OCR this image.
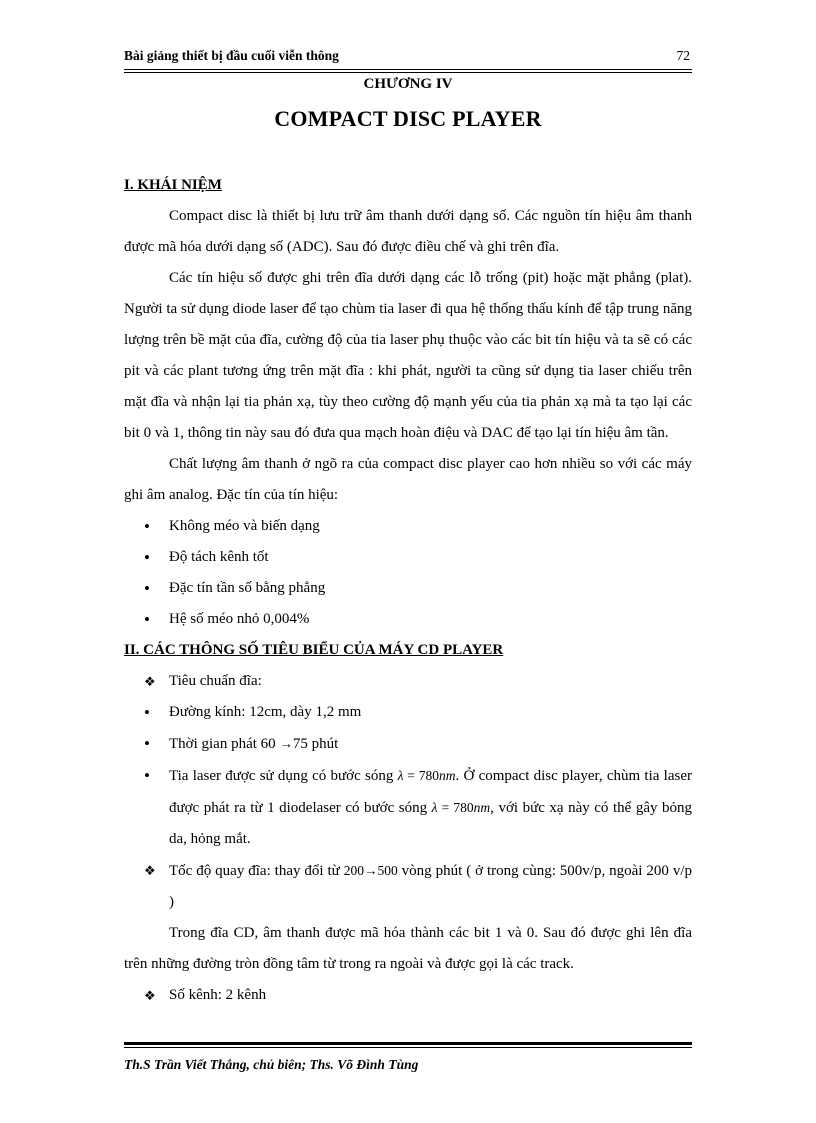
Bài giảng thiết bị đầu cuối viễn thông	72
CHƯƠNG IV
COMPACT DISC PLAYER
I. KHÁI NIỆM

Compact disc là thiết bị lưu trữ âm thanh dưới dạng số. Các nguồn tín hiệu âm thanh được mã hóa dưới dạng số (ADC). Sau đó được điều chế và ghi trên đĩa.

Các tín hiệu số được ghi trên đĩa dưới dạng các lỗ trống (pit) hoặc mặt phẳng (plat). Người ta sử dụng diode laser để tạo chùm tia laser đi qua hệ thống thấu kính để tập trung năng lượng trên bề mặt của đĩa, cường độ của tia laser phụ thuộc vào các bit tín hiệu và ta sẽ có các pit và các plant tương ứng trên mặt đĩa : khi phát, người ta cũng sử dụng tia laser chiếu trên mặt đĩa và nhận lại tia phản xạ, tùy theo cường độ mạnh yếu của tia phản xạ mà ta tạo lại các bit 0 và 1, thông tin này sau đó đưa qua mạch hoàn điệu và DAC để tạo lại tín hiệu âm tần.

Chất lượng âm thanh ở ngõ ra của compact disc player cao hơn nhiều so với các máy ghi âm analog. Đặc tín của tín hiệu:

•
Không méo và biến dạng
•
Độ tách kênh tốt
•
Đặc tín tần số bằng phẳng
•
Hệ số méo nhỏ 0,004%
II. CÁC THÔNG SỐ TIÊU BIỂU CỦA MÁY CD PLAYER
❖
Tiêu chuẩn đĩa:
•
Đường kính: 12cm, dày 1,2 mm
•
Thời gian phát 60 →75 phút
•
Tia laser được sử dụng có bước sóng λ = 780nm. Ở compact disc player, chùm tia laser được phát ra từ 1 diodelaser có bước sóng λ = 780nm, với bức xạ này có thể gây bỏng da, hỏng mắt.
❖
Tốc độ quay đĩa: thay đổi từ 200→500 vòng phút ( ở trong cùng: 500v/p, ngoài 200 v/p )

Trong đĩa CD, âm thanh được mã hóa thành các bit 1 và 0. Sau đó được ghi lên đĩa trên những đường tròn đồng tâm từ trong ra ngoài và được gọi là các track.

❖
Số kênh: 2 kênh
Th.S Trần Viết Thắng, chủ biên; Ths. Võ Đình Tùng
